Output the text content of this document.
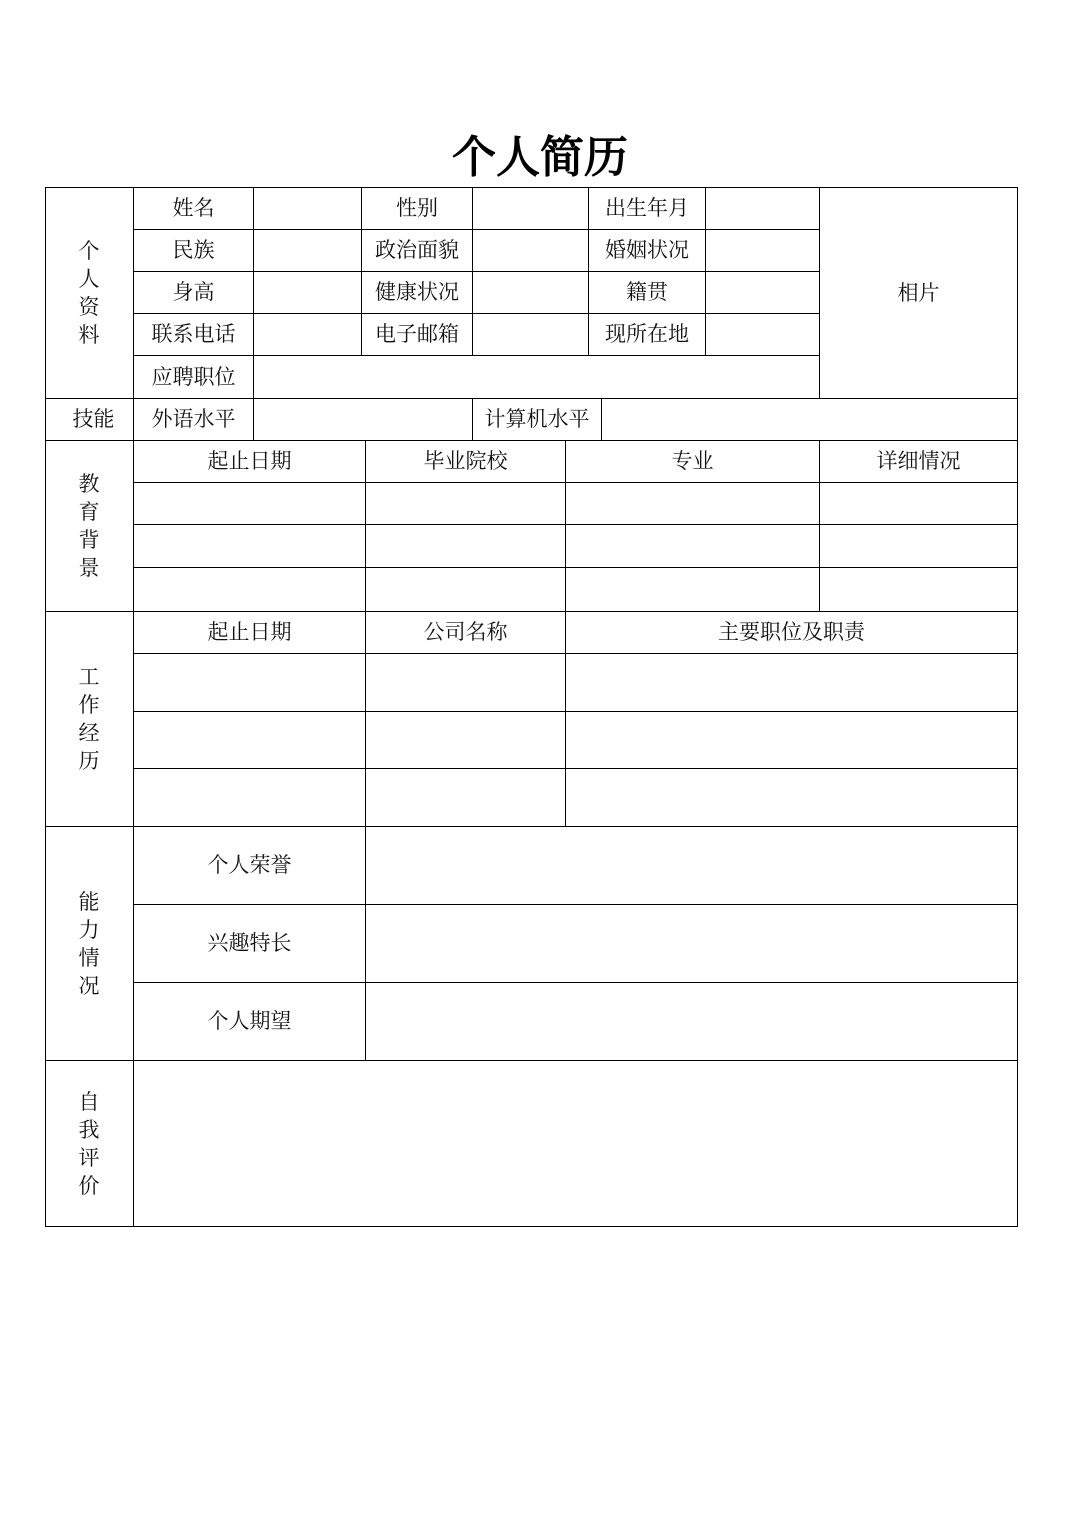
个人简历
个人资料
姓名	性别	出生年月
相片
民族	政治面貌	婚姻状况
身高	健康状况	籍贯
联系电话	电子邮箱	现所在地
应聘职位
技能	外语水平	计算机水平
教育背景
起止日期	毕业院校	专业	详细情况
工作经历
起止日期	公司名称	主要职位及职责
能力情况
个人荣誉
兴趣特长
个人期望
自我评价
